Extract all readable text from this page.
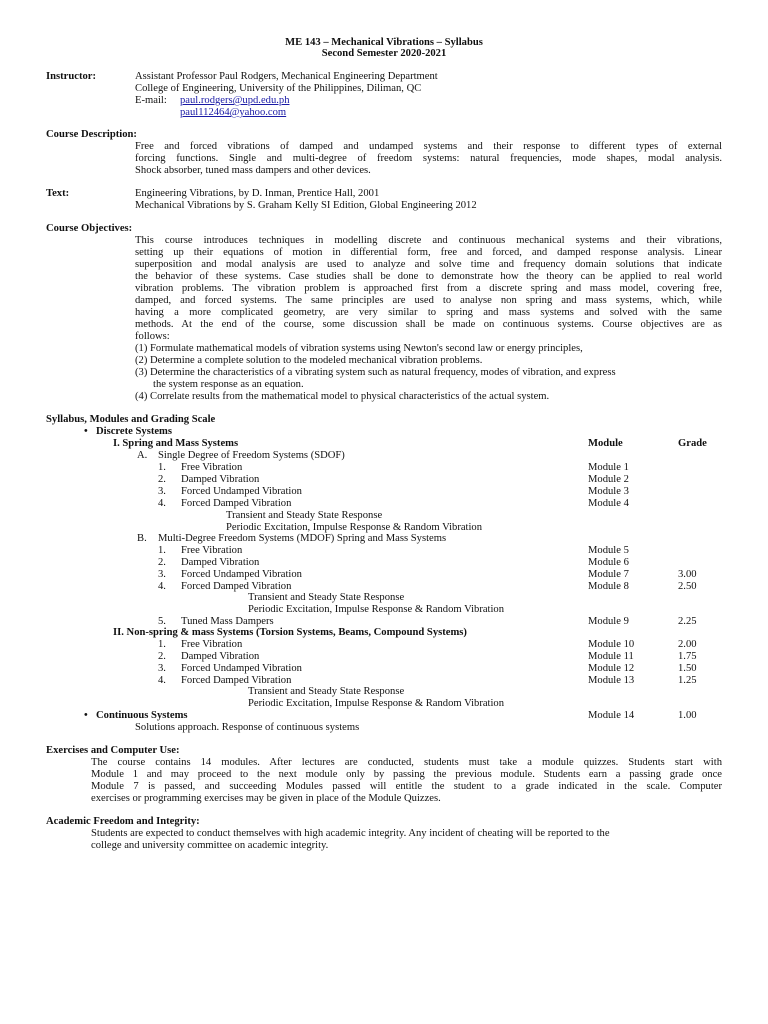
ME 143 – Mechanical Vibrations – Syllabus
Second Semester 2020-2021
Instructor:	Assistant Professor Paul Rodgers, Mechanical Engineering Department
College of Engineering, University of the Philippines, Diliman, QC
E-mail: paul.rodgers@upd.edu.ph
paul112464@yahoo.com
Course Description:
Free and forced vibrations of damped and undamped systems and their response to different types of external
forcing functions. Single and multi-degree of freedom systems: natural frequencies, mode shapes, modal analysis.
Shock absorber, tuned mass dampers and other devices.
Text:	Engineering Vibrations, by D. Inman, Prentice Hall, 2001
Mechanical Vibrations by S. Graham Kelly SI Edition, Global Engineering 2012
Course Objectives:
This course introduces techniques in modelling discrete and continuous mechanical systems and their vibrations,
setting up their equations of motion in differential form, free and forced, and damped response analysis. Linear
superposition and modal analysis are used to analyze and solve time and frequency domain solutions that indicate
the behavior of these systems. Case studies shall be done to demonstrate how the theory can be applied to real world
vibration problems. The vibration problem is approached first from a discrete spring and mass model, covering free,
damped, and forced systems. The same principles are used to analyse non spring and mass systems, which, while
having a more complicated geometry, are very similar to spring and mass systems and solved with the same
methods. At the end of the course, some discussion shall be made on continuous systems. Course objectives are as
follows:
(1) Formulate mathematical models of vibration systems using Newton's second law or energy principles,
(2) Determine a complete solution to the modeled mechanical vibration problems.
(3) Determine the characteristics of a vibrating system such as natural frequency, modes of vibration, and express
the system response as an equation.
(4) Correlate results from the mathematical model to physical characteristics of the actual system.
Syllabus, Modules and Grading Scale
• Discrete Systems
I. Spring and Mass Systems	Module	Grade
A. Single Degree of Freedom Systems (SDOF)
1. Free Vibration	Module 1
2. Damped Vibration	Module 2
3. Forced Undamped Vibration	Module 3
4. Forced Damped Vibration	Module 4
Transient and Steady State Response
Periodic Excitation, Impulse Response & Random Vibration
B. Multi-Degree Freedom Systems (MDOF) Spring and Mass Systems
1. Free Vibration	Module 5
2. Damped Vibration	Module 6
3. Forced Undamped Vibration	Module 7	3.00
4. Forced Damped Vibration	Module 8	2.50
Transient and Steady State Response
Periodic Excitation, Impulse Response & Random Vibration
5. Tuned Mass Dampers	Module 9	2.25
II. Non-spring & mass Systems (Torsion Systems, Beams, Compound Systems)
1. Free Vibration	Module 10	2.00
2. Damped Vibration	Module 11	1.75
3. Forced Undamped Vibration	Module 12	1.50
4. Forced Damped Vibration	Module 13	1.25
Transient and Steady State Response
Periodic Excitation, Impulse Response & Random Vibration
• Continuous Systems	Module 14	1.00
Solutions approach. Response of continuous systems
Exercises and Computer Use:
The course contains 14 modules. After lectures are conducted, students must take a module quizzes. Students start with
Module 1 and may proceed to the next module only by passing the previous module. Students earn a passing grade once
Module 7 is passed, and succeeding Modules passed will entitle the student to a grade indicated in the scale. Computer
exercises or programming exercises may be given in place of the Module Quizzes.
Academic Freedom and Integrity:
Students are expected to conduct themselves with high academic integrity. Any incident of cheating will be reported to the
college and university committee on academic integrity.
